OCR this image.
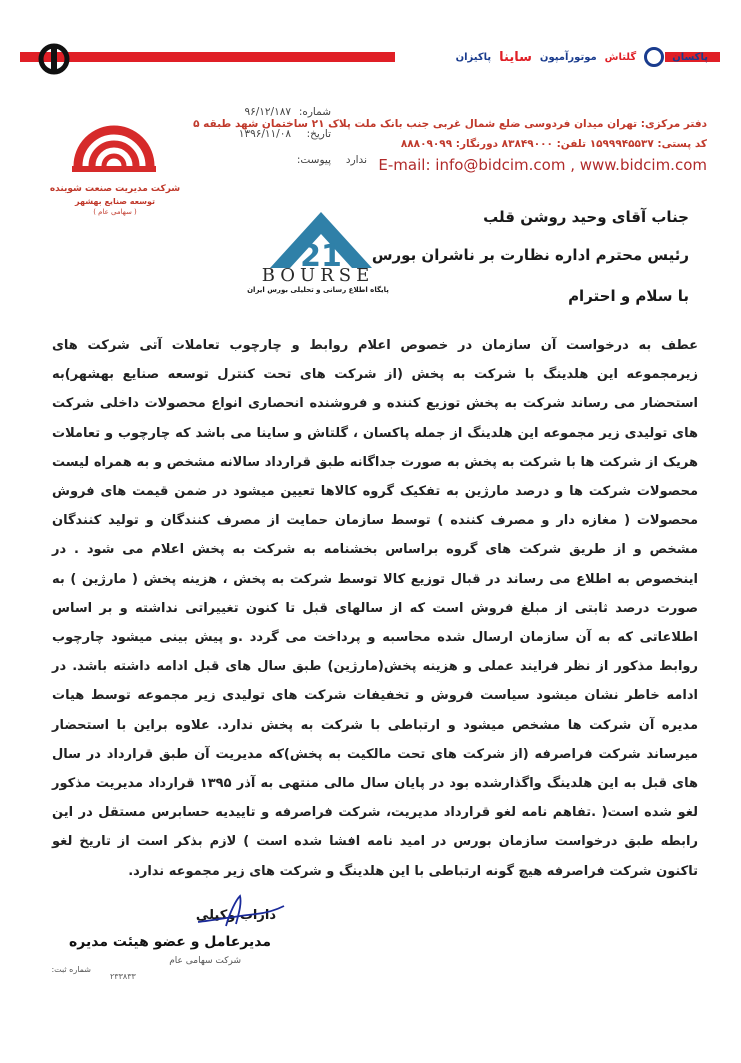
پاکسان
گلتاش
موتورآمپون
ساینا
پاکیزان
دفتر مرکزی: تهران میدان فردوسی ضلع شمال غربی جنب بانک ملت پلاک ۲۱ ساختمان شهد طبقه ۵
کد پستی: ۱۵۹۹۹۴۵۵۳۷ تلفن: ۸۳۸۴۹۰۰۰ دورنگار: ۸۸۸۰۹۰۹۹
E-mail: info@bidcim.com , www.bidcim.com
شرکت مدیریت صنعت شوینده
توسعه صنایع بهشهر
( سهامی عام )
شماره:
۹۶/۱۲/۱۸۷
تاریخ:
۱۳۹۶/۱۱/۰۸
پیوست: ندارد
21
BOURSE
پایگاه اطلاع رسانی و تحلیلی بورس ایران
جناب آقای وحید روشن قلب
رئیس محترم اداره نظارت بر ناشران بورس
با سلام و احترام
عطف به درخواست آن سازمان در خصوص اعلام روابط و چارچوب تعاملات آتی شرکت های زیرمجموعه این هلدینگ با شرکت به پخش (از شرکت های تحت کنترل توسعه صنایع بهشهر)به استحضار می رساند شرکت به پخش توزیع کننده و فروشنده انحصاری انواع محصولات داخلی شرکت های تولیدی زیر مجموعه این هلدینگ از جمله پاکسان ، گلتاش و ساینا می باشد که چارچوب و تعاملات هریک از شرکت ها با شرکت به پخش به صورت جداگانه طبق قرارداد سالانه مشخص و به همراه لیست محصولات شرکت ها و درصد مارژین به تفکیک گروه کالاها تعیین میشود در ضمن قیمت های فروش محصولات ( مغازه دار و مصرف کننده ) توسط سازمان حمایت از مصرف کنندگان و تولید کنندگان مشخص و از طریق شرکت های گروه براساس بخشنامه به شرکت به پخش اعلام می شود . در اینخصوص به اطلاع می رساند در قبال توزیع کالا توسط شرکت به پخش ، هزینه پخش ( مارژین ) به صورت درصد ثابتی از مبلغ فروش است که از سالهای قبل تا کنون تغییراتی نداشته و بر اساس اطلاعاتی که به آن سازمان ارسال شده محاسبه و پرداخت می گردد .و پیش بینی میشود چارچوب روابط مذکور از نظر فرایند عملی و هزینه پخش(مارژین) طبق سال های قبل ادامه داشته باشد. در ادامه خاطر نشان میشود سیاست فروش و تخفیفات شرکت های تولیدی زیر مجموعه توسط هیات مدیره آن شرکت ها مشخص میشود و ارتباطی با شرکت به پخش ندارد. علاوه براین با استحضار میرساند شرکت فراصرفه (از شرکت های تحت مالکیت به پخش)که مدیریت آن طبق قرارداد در سال های قبل به این هلدینگ واگذارشده بود در پایان سال مالی منتهی به آذر ۱۳۹۵ قرارداد مدیریت مذکور لغو شده است( .تفاهم نامه لغو قرارداد مدیریت، شرکت فراصرفه و تاییدیه حسابرس مستقل در این رابطه طبق درخواست سازمان بورس در امید نامه افشا شده است ) لازم بذکر است از تاریخ لغو تاکنون شرکت فراصرفه هیچ گونه ارتباطی با این هلدینگ و شرکت های زیر مجموعه ندارد.
داراب وکیلی
مدیرعامل و عضو هیئت مدیره
شرکت سهامی عام
شماره ثبت:
۲۳۳۸۳۳
